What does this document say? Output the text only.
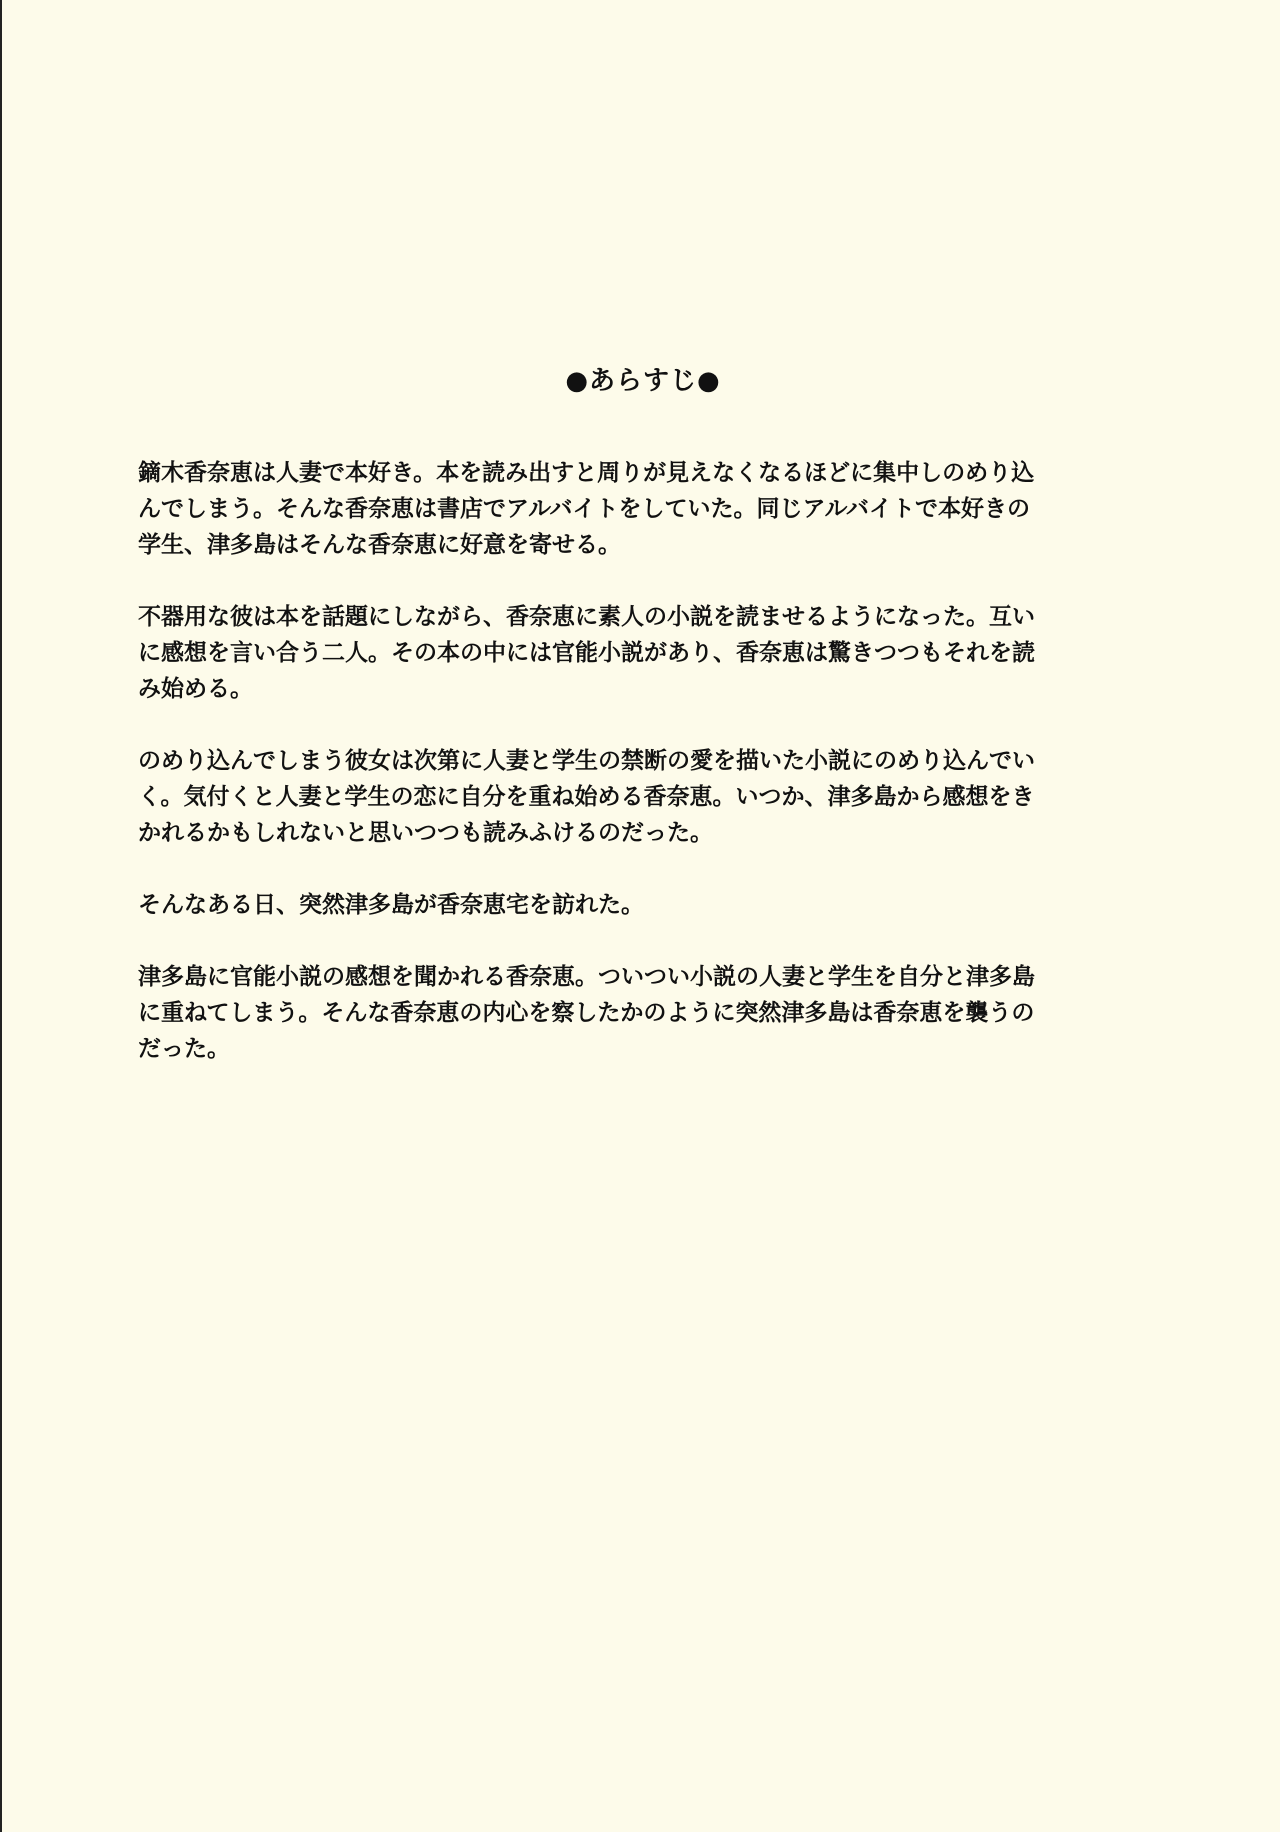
●あらすじ●

鏑木香奈恵は人妻で本好き。本を読み出すと周りが見えなくなるほどに集中しのめり込
んでしまう。そんな香奈恵は書店でアルバイトをしていた。同じアルバイトで本好きの
学生、津多島はそんな香奈恵に好意を寄せる。

不器用な彼は本を話題にしながら、香奈恵に素人の小説を読ませるようになった。互い
に感想を言い合う二人。その本の中には官能小説があり、香奈恵は驚きつつもそれを読
み始める。

のめり込んでしまう彼女は次第に人妻と学生の禁断の愛を描いた小説にのめり込んでい
く。気付くと人妻と学生の恋に自分を重ね始める香奈恵。いつか、津多島から感想をき
かれるかもしれないと思いつつも読みふけるのだった。

そんなある日、突然津多島が香奈恵宅を訪れた。

津多島に官能小説の感想を聞かれる香奈恵。ついつい小説の人妻と学生を自分と津多島
に重ねてしまう。そんな香奈恵の内心を察したかのように突然津多島は香奈恵を襲うの
だった。
